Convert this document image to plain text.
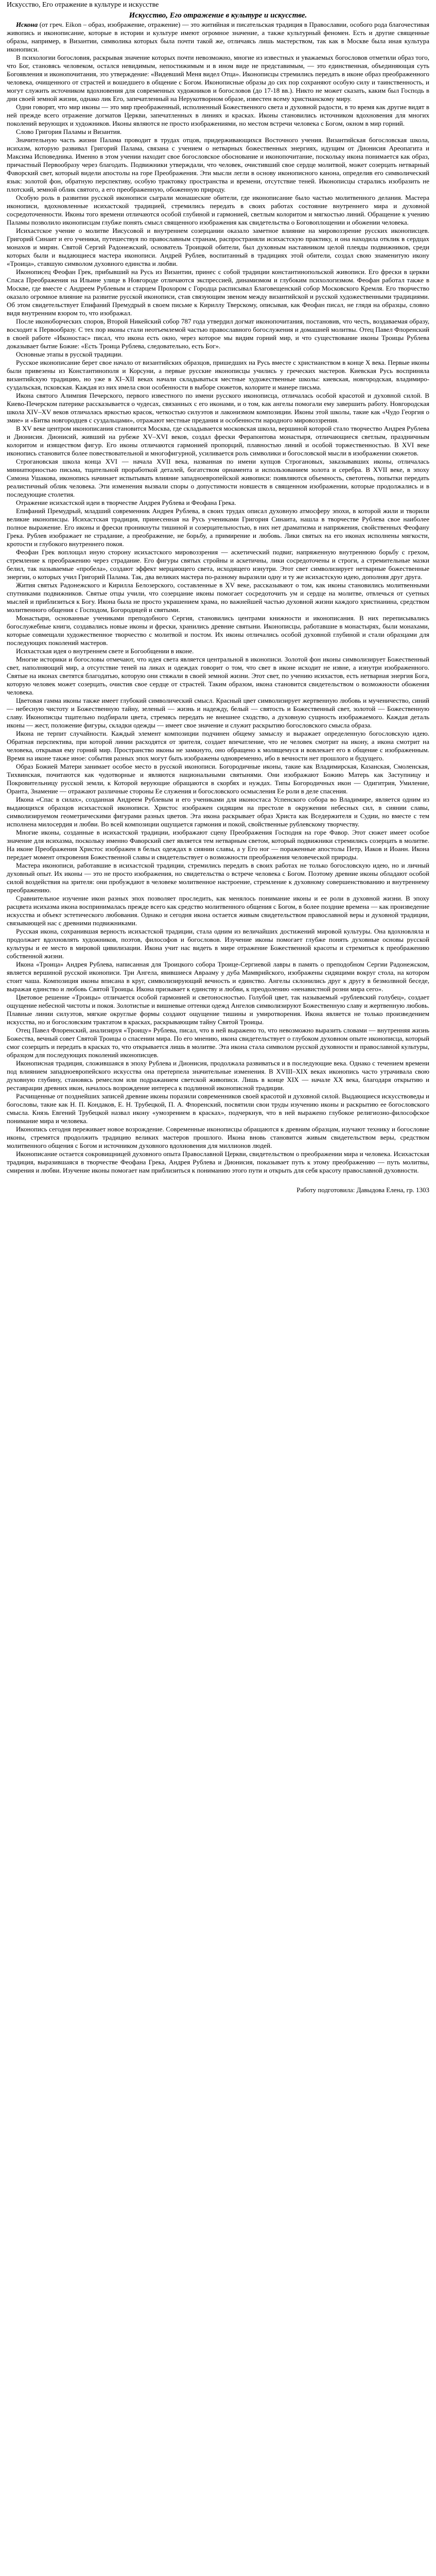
Искусство, Его отражение в культуре и искусстве
Искусство, Его отражение в культуре и искусстве.

Искона (от греч. Eikon – образ, изображение, отражение) — это житийная и писательская традиция в Православии, особого рода благочестивая живопись и иконописание, которые в истории и культуре имеют огромное значение, а также культурный феномен. Есть и другие священные образы, например, в Византии, символика которых была почти такой же, отличаясь лишь мастерством, так как в Москве была иная культура иконописи.

В психологии богословия, раскрывая значение которых почти невозможно, многие из известных и уважаемых богословов отметили образ того, что Бог, становясь человеком, остался невидимым, непостижимым и в ином виде не представимым, — это единственная, объединяющая суть Богоявления и иконопочитания, это утверждение: «Видевший Меня видел Отца». Иконописцы стремились передать в иконе образ преображенного человека, очищенного от страстей и вошедшего в общение с Богом. Иконописные образы до сих пор сохраняют особую силу и таинственность, и могут служить источником вдохновения для современных художников и богословов (до 17-18 вв.). Никто не может сказать, каким был Господь в дни своей земной жизни, однако лик Его, запечатленный на Нерукотворном образе, известен всему христианскому миру.

Одни говорят, что мир иконы — это мир преображенный, исполненный Божественного света и духовной радости, в то время как другие видят в ней прежде всего отражение догматов Церкви, запечатленных в линиях и красках. Иконы становились источником вдохновения для многих поколений верующих и художников. Иконы являются не просто изображениями, но местом встречи человека с Богом, окном в мир горний.

Слово Григория Паламы и Византия.

Значительную часть жизни Палама проводит в трудах отцов, придерживающихся Восточного учения. Византийская богословская школа, исихазм, которую развивал Григорий Палама, связана с учением о нетварных божественных энергиях, идущим от Дионисия Ареопагита и Максима Исповедника. Именно в этом учении находит свое богословское обоснование и иконопочитание, поскольку икона понимается как образ, причастный Первообразу через благодать. Подвижники утверждали, что человек, очистивший свое сердце молитвой, может созерцать нетварный Фаворский свет, который видели апостолы на горе Преображения. Эти мысли легли в основу иконописного канона, определив его символический язык: золотой фон, обратную перспективу, особую трактовку пространства и времени, отсутствие теней. Иконописцы старались изобразить не плотский, земной облик святого, а его преображенную, обоженную природу.

Особую роль в развитии русской иконописи сыграли монашеские обители, где иконописание было частью молитвенного делания. Мастера иконописи, вдохновленные исихастской традицией, стремились передать в своих работах состояние внутреннего мира и духовной сосредоточенности. Иконы того времени отличаются особой глубиной и гармонией, светлым колоритом и мягкостью линий. Обращение к учению Паламы позволило иконописцам глубже понять смысл священного изображения как свидетельства о Боговоплощении и обожении человека.

Исихастское учение о молитве Иисусовой и внутреннем созерцании оказало заметное влияние на мировоззрение русских иконописцев. Григорий Синаит и его ученики, путешествуя по православным странам, распространяли исихастскую практику, и она находила отклик в сердцах монахов и мирян. Святой Сергий Радонежский, основатель Троицкой обители, был духовным наставником целой плеяды подвижников, среди которых были и выдающиеся мастера иконописи. Андрей Рублев, воспитанный в традициях этой обители, создал свою знаменитую икону «Троица», ставшую символом духовного единства и любви.

Иконописец Феофан Грек, прибывший на Русь из Византии, принес с собой традиции константинопольской живописи. Его фрески в церкви Спаса Преображения на Ильине улице в Новгороде отличаются экспрессией, динамизмом и глубоким психологизмом. Феофан работал также в Москве, где вместе с Андреем Рублевым и старцем Прохором с Городца расписывал Благовещенский собор Московского Кремля. Его творчество оказало огромное влияние на развитие русской иконописи, став связующим звеном между византийской и русской художественными традициями. Об этом свидетельствует Епифаний Премудрый в своем письме к Кириллу Тверскому, описывая, как Феофан писал, не глядя на образцы, словно видя внутренним взором то, что изображал.

После иконоборческих споров, Второй Никейский собор 787 года утвердил догмат иконопочитания, постановив, что честь, воздаваемая образу, восходит к Первообразу. С тех пор иконы стали неотъемлемой частью православного богослужения и домашней молитвы. Отец Павел Флоренский в своей работе «Иконостас» писал, что икона есть окно, через которое мы видим горний мир, и что существование иконы Троицы Рублева доказывает бытие Божие: «Есть Троица Рублева, следовательно, есть Бог».

Основные этапы в русской традиции.

Русское иконописание берет свое начало от византийских образцов, пришедших на Русь вместе с христианством в конце X века. Первые иконы были привезены из Константинополя и Корсуни, а первые русские иконописцы учились у греческих мастеров. Киевская Русь восприняла византийскую традицию, но уже в XI–XII веках начали складываться местные художественные школы: киевская, новгородская, владимиро-суздальская, псковская. Каждая из них имела свои особенности в выборе сюжетов, колорите и манере письма.

Икона святого Алимпия Печерского, первого известного по имени русского иконописца, отличалась особой красотой и духовной силой. В Киево-Печерском патерике рассказывается о чудесах, связанных с его иконами, и о том, как ангелы помогали ему завершить работу. Новгородская школа XIV–XV веков отличалась яркостью красок, четкостью силуэтов и лаконизмом композиции. Иконы этой школы, такие как «Чудо Георгия о змие» и «Битва новгородцев с суздальцами», отражают местные предания и особенности народного мировоззрения.

В XV веке центром иконописания становится Москва, где складывается московская школа, вершиной которой стало творчество Андрея Рублева и Дионисия. Дионисий, живший на рубеже XV–XVI веков, создал фрески Ферапонтова монастыря, отличающиеся светлым, праздничным колоритом и изяществом фигур. Его иконы отличаются гармонией пропорций, плавностью линий и особой торжественностью. В XVI веке иконопись становится более повествовательной и многофигурной, усиливается роль символики и богословской мысли в изображении сюжетов.

Строгановская школа конца XVI — начала XVII века, названная по имени купцов Строгановых, заказывавших иконы, отличалась миниатюрностью письма, тщательной проработкой деталей, богатством орнамента и использованием золота и серебра. В XVII веке, в эпоху Симона Ушакова, иконопись начинает испытывать влияние западноевропейской живописи: появляются объемность, светотень, попытки передать реалистичный облик человека. Эти изменения вызвали споры о допустимости новшеств в священном изображении, которые продолжались и в последующие столетия.

Отражение исихастской идеи в творчестве Андрея Рублева и Феофана Грека.

Епифаний Премудрый, младший современник Андрея Рублева, в своих трудах описал духовную атмосферу эпохи, в которой жили и творили великие иконописцы. Исихастская традиция, принесенная на Русь учениками Григория Синаита, нашла в творчестве Рублева свое наиболее полное выражение. Его иконы и фрески проникнуты тишиной и созерцательностью, в них нет драматизма и напряжения, свойственных Феофану Грека. Рублев изображает не страдание, а преображение, не борьбу, а примирение и любовь. Лики святых на его иконах исполнены мягкости, кротости и глубокого внутреннего покоя.

Феофан Грек воплощал иную сторону исихастского мировоззрения — аскетический подвиг, напряженную внутреннюю борьбу с грехом, стремление к преображению через страдание. Его фигуры святых стройны и аскетичны, лики сосредоточены и строги, а стремительные мазки белил, так называемые «пробела», создают эффект мерцающего света, исходящего изнутри. Этот свет символизирует нетварные божественные энергии, о которых учил Григорий Палама. Так, два великих мастера по-разному выразили одну и ту же исихастскую идею, дополняя друг друга.

Жития святых Радонежского и Кирилла Белозерского, составленные в XV веке, рассказывают о том, как иконы становились молитвенными спутниками подвижников. Святые отцы учили, что созерцание иконы помогает сосредоточить ум и сердце на молитве, отвлечься от суетных мыслей и приблизиться к Богу. Икона была не просто украшением храма, но важнейшей частью духовной жизни каждого христианина, средством молитвенного общения с Господом, Богородицей и святыми.

Монастыри, основанные учениками преподобного Сергия, становились центрами книжности и иконописания. В них переписывались богослужебные книги, создавались новые иконы и фрески, хранились древние святыни. Иконописцы, работавшие в монастырях, были монахами, которые совмещали художественное творчество с молитвой и постом. Их иконы отличались особой духовной глубиной и стали образцами для последующих поколений мастеров.

Исихастская идея о внутреннем свете и Богообщении в иконе.

Многие историки и богословы отмечают, что идея света является центральной в иконописи. Золотой фон иконы символизирует Божественный свет, наполняющий мир, а отсутствие теней на ликах и одеждах говорит о том, что свет в иконе исходит не извне, а изнутри изображенного. Святые на иконах светятся благодатью, которую они стяжали в своей земной жизни. Этот свет, по учению исихастов, есть нетварная энергия Бога, которую человек может созерцать, очистив свое сердце от страстей. Таким образом, икона становится свидетельством о возможности обожения человека.

Цветовая гамма иконы также имеет глубокий символический смысл. Красный цвет символизирует жертвенную любовь и мученичество, синий — небесную чистоту и Божественную тайну, зеленый — жизнь и надежду, белый — святость и Божественный свет, золотой — Божественную славу. Иконописцы тщательно подбирали цвета, стремясь передать не внешнее сходство, а духовную сущность изображаемого. Каждая деталь иконы — жест, положение фигуры, складки одежды — имеет свое значение и служит раскрытию богословского смысла образа.

Икона не терпит случайности. Каждый элемент композиции подчинен общему замыслу и выражает определенную богословскую идею. Обратная перспектива, при которой линии расходятся от зрителя, создает впечатление, что не человек смотрит на икону, а икона смотрит на человека, открывая ему горний мир. Пространство иконы не замкнуто, оно обращено к молящемуся и вовлекает его в общение с изображенным. Время на иконе также иное: события разных эпох могут быть изображены одновременно, ибо в вечности нет прошлого и будущего.

Образ Божией Матери занимает особое место в русской иконописи. Богородичные иконы, такие как Владимирская, Казанская, Смоленская, Тихвинская, почитаются как чудотворные и являются национальными святынями. Они изображают Божию Матерь как Заступницу и Покровительницу русской земли, к Которой верующие обращаются в скорбях и нуждах. Типы Богородичных икон — Одигитрия, Умиление, Оранта, Знамение — отражают различные стороны Ее служения и богословского осмысления Ее роли в деле спасения.

Икона «Спас в силах», созданная Андреем Рублевым и его учениками для иконостаса Успенского собора во Владимире, является одним из выдающихся образцов исихастской иконописи. Христос изображен сидящим на престоле в окружении небесных сил, в сиянии славы, символизируемом геометрическими фигурами разных цветов. Эта икона раскрывает образ Христа как Вседержителя и Судии, но вместе с тем исполнена милосердия и любви. Во всей композиции ощущается гармония и покой, свойственные рублевскому творчеству.

Многие иконы, созданные в исихастской традиции, изображают сцену Преображения Господня на горе Фавор. Этот сюжет имеет особое значение для исихазма, поскольку именно Фаворский свет является тем нетварным светом, который подвижники стремились созерцать в молитве. На иконе Преображения Христос изображен в белых одеждах в сиянии славы, а у Его ног — пораженные апостолы Петр, Иаков и Иоанн. Икона передает момент откровения Божественной славы и свидетельствует о возможности преображения человеческой природы.

Мастера иконописи, работавшие в исихастской традиции, стремились передать в своих работах не только богословскую идею, но и личный духовный опыт. Их иконы — это не просто изображения, но свидетельства о встрече человека с Богом. Поэтому древние иконы обладают особой силой воздействия на зрителя: они пробуждают в человеке молитвенное настроение, стремление к духовному совершенствованию и внутреннему преображению.

Сравнительное изучение икон разных эпох позволяет проследить, как менялось понимание иконы и ее роли в духовной жизни. В эпоху расцвета исихазма икона воспринималась прежде всего как средство молитвенного общения с Богом, в более поздние времена — как произведение искусства и объект эстетического любования. Однако и сегодня икона остается живым свидетельством православной веры и духовной традиции, связывающей нас с древними подвижниками.

Русская икона, сохранившая верность исихастской традиции, стала одним из величайших достижений мировой культуры. Она вдохновляла и продолжает вдохновлять художников, поэтов, философов и богословов. Изучение иконы помогает глубже понять духовные основы русской культуры и ее место в мировой цивилизации. Икона учит нас видеть в мире отражение Божественной красоты и стремиться к преображению собственной жизни.

Икона «Троица» Андрея Рублева, написанная для Троицкого собора Троице-Сергиевой лавры в память о преподобном Сергии Радонежском, является вершиной русской иконописи. Три Ангела, явившиеся Аврааму у дуба Мамврийского, изображены сидящими вокруг стола, на котором стоит чаша. Композиция иконы вписана в круг, символизирующий вечность и единство. Ангелы склонились друг к другу в безмолвной беседе, выражая единство и любовь Святой Троицы. Икона призывает к единству и любви, к преодолению «ненавистной розни мира сего».

Цветовое решение «Троицы» отличается особой гармонией и светоносностью. Голубой цвет, так называемый «рублевский голубец», создает ощущение небесной чистоты и покоя. Золотистые и вишневые оттенки одежд Ангелов символизируют Божественную славу и жертвенную любовь. Плавные линии силуэтов, мягкие округлые формы создают ощущение тишины и умиротворения. Икона является не только произведением искусства, но и богословским трактатом в красках, раскрывающим тайну Святой Троицы.

Отец Павел Флоренский, анализируя «Троицу» Рублева, писал, что в ней выражено то, что невозможно выразить словами — внутренняя жизнь Божества, вечный совет Святой Троицы о спасении мира. По его мнению, икона свидетельствует о глубоком духовном опыте иконописца, который смог созерцать и передать в красках то, что открывается лишь в молитве. Эта икона стала символом русской духовности и православной культуры, образцом для последующих поколений иконописцев.

Иконописная традиция, сложившаяся в эпоху Рублева и Дионисия, продолжала развиваться и в последующие века. Однако с течением времени под влиянием западноевропейского искусства она претерпела значительные изменения. В XVIII–XIX веках иконопись часто утрачивала свою духовную глубину, становясь ремеслом или подражанием светской живописи. Лишь в конце XIX — начале XX века, благодаря открытию и реставрации древних икон, началось возрождение интереса к подлинной иконописной традиции.

Расчищенные от позднейших записей древние иконы поразили современников своей красотой и духовной силой. Выдающиеся искусствоведы и богословы, такие как Н. П. Кондаков, Е. Н. Трубецкой, П. А. Флоренский, посвятили свои труды изучению иконы и раскрытию ее богословского смысла. Князь Евгений Трубецкой назвал икону «умозрением в красках», подчеркнув, что в ней выражено глубокое религиозно-философское понимание мира и человека.

Иконопись сегодня переживает новое возрождение. Современные иконописцы обращаются к древним образцам, изучают технику и богословие иконы, стремятся продолжить традицию великих мастеров прошлого. Икона вновь становится живым свидетельством веры, средством молитвенного общения с Богом и источником духовного вдохновения для миллионов людей.

Иконописание остается сокровищницей духовного опыта Православной Церкви, свидетельством о преображении мира и человека. Исихастская традиция, выразившаяся в творчестве Феофана Грека, Андрея Рублева и Дионисия, показывает путь к этому преображению — путь молитвы, смирения и любви. Изучение иконы помогает нам приблизиться к пониманию этого пути и открыть для себя красоту православной духовности.

Работу подготовила: Давыдова Елена, гр. 1303
